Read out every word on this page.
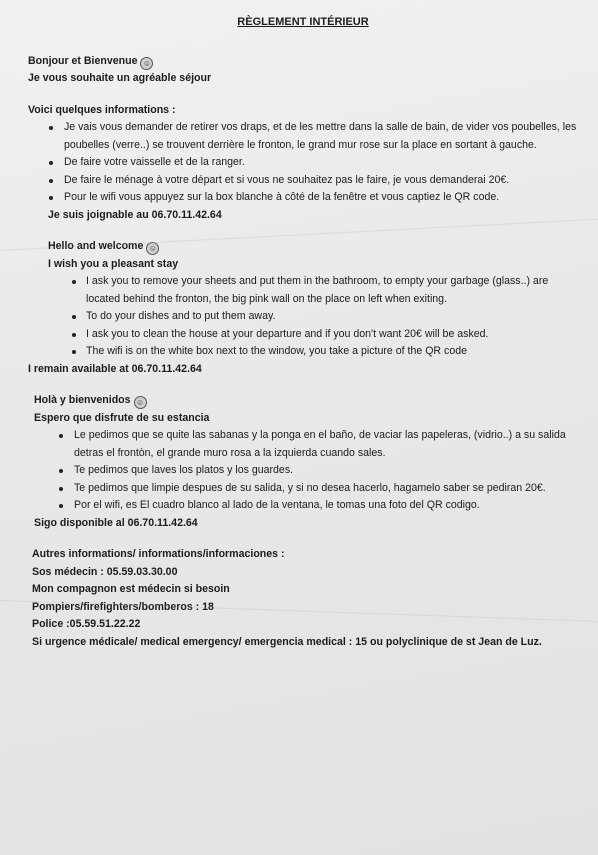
RÈGLEMENT INTÉRIEUR

Bonjour et Bienvenue ☺

Je vous souhaite un agréable séjour

Voici quelques informations :

Je vais vous demander de retirer vos draps, et de les mettre dans la salle de bain, de vider vos poubelles, les poubelles (verre..) se trouvent derrière le fronton, le grand mur rose sur la place en sortant à gauche.
De faire votre vaisselle et de la ranger.
De faire le ménage à votre départ et si vous ne souhaitez pas le faire, je vous demanderai 20€.
Pour le wifi vous appuyez sur la box blanche à côté de la fenêtre et vous captiez le QR code.

Je suis joignable au 06.70.11.42.64

Hello and welcome ☺

I wish you a pleasant stay

I ask you to remove your sheets and put them in the bathroom, to empty your garbage (glass..) are located behind the fronton, the big pink wall on the place on left when exiting.
To do your dishes and to put them away.
I ask you to clean the house at your departure and if you don't want 20€ will be asked.
The wifi is on the white box next to the window, you take a picture of the QR code

I remain available at 06.70.11.42.64

Holà y bienvenidos ☺

Espero que disfrute de su estancia

Le pedimos que se quite las sabanas y la ponga en el baño, de vaciar las papeleras, (vidrio..) a su salida detras el frontòn, el grande muro rosa a la izquierda cuando sales.
Te pedimos que laves los platos y los guardes.
Te pedimos que limpie despues de su salida, y si no desea hacerlo, hagamelo saber se pediran 20€.
Por el wifi, es El cuadro blanco al lado de la ventana, le tomas una foto del QR codigo.

Sigo disponible al 06.70.11.42.64

Autres informations/ informations/informaciones :

Sos médecin : 05.59.03.30.00

Mon compagnon est médecin si besoin

Pompiers/firefighters/bomberos : 18

Police :05.59.51.22.22

Si urgence médicale/ medical emergency/ emergencia medical : 15 ou polyclinique de st Jean de Luz.
